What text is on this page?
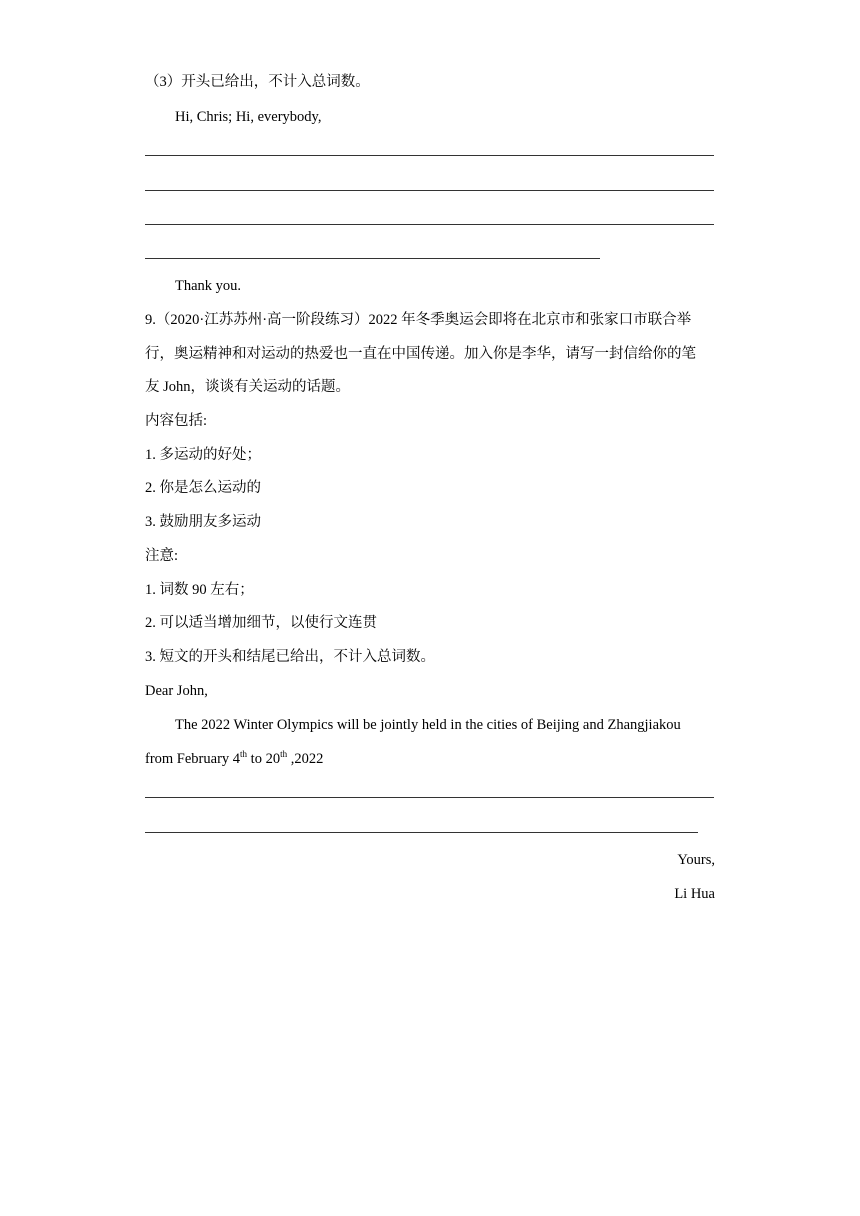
（3）开头已给出，不计入总词数。
Hi, Chris; Hi, everybody,
Thank you.
9.（2020·江苏苏州·高一阶段练习）2022 年冬季奥运会即将在北京市和张家口市联合举
行，奥运精神和对运动的热爱也一直在中国传递。加入你是李华，请写一封信给你的笔
友 John，谈谈有关运动的话题。
内容包括:
1. 多运动的好处；
2. 你是怎么运动的
3. 鼓励朋友多运动
注意:
1. 词数 90 左右；
2. 可以适当增加细节，以使行文连贯
3. 短文的开头和结尾已给出，不计入总词数。
Dear John,
The 2022 Winter Olympics will be jointly held in the cities of Beijing and Zhangjiakou
from February 4th to 20th ,2022
Yours,
Li Hua
